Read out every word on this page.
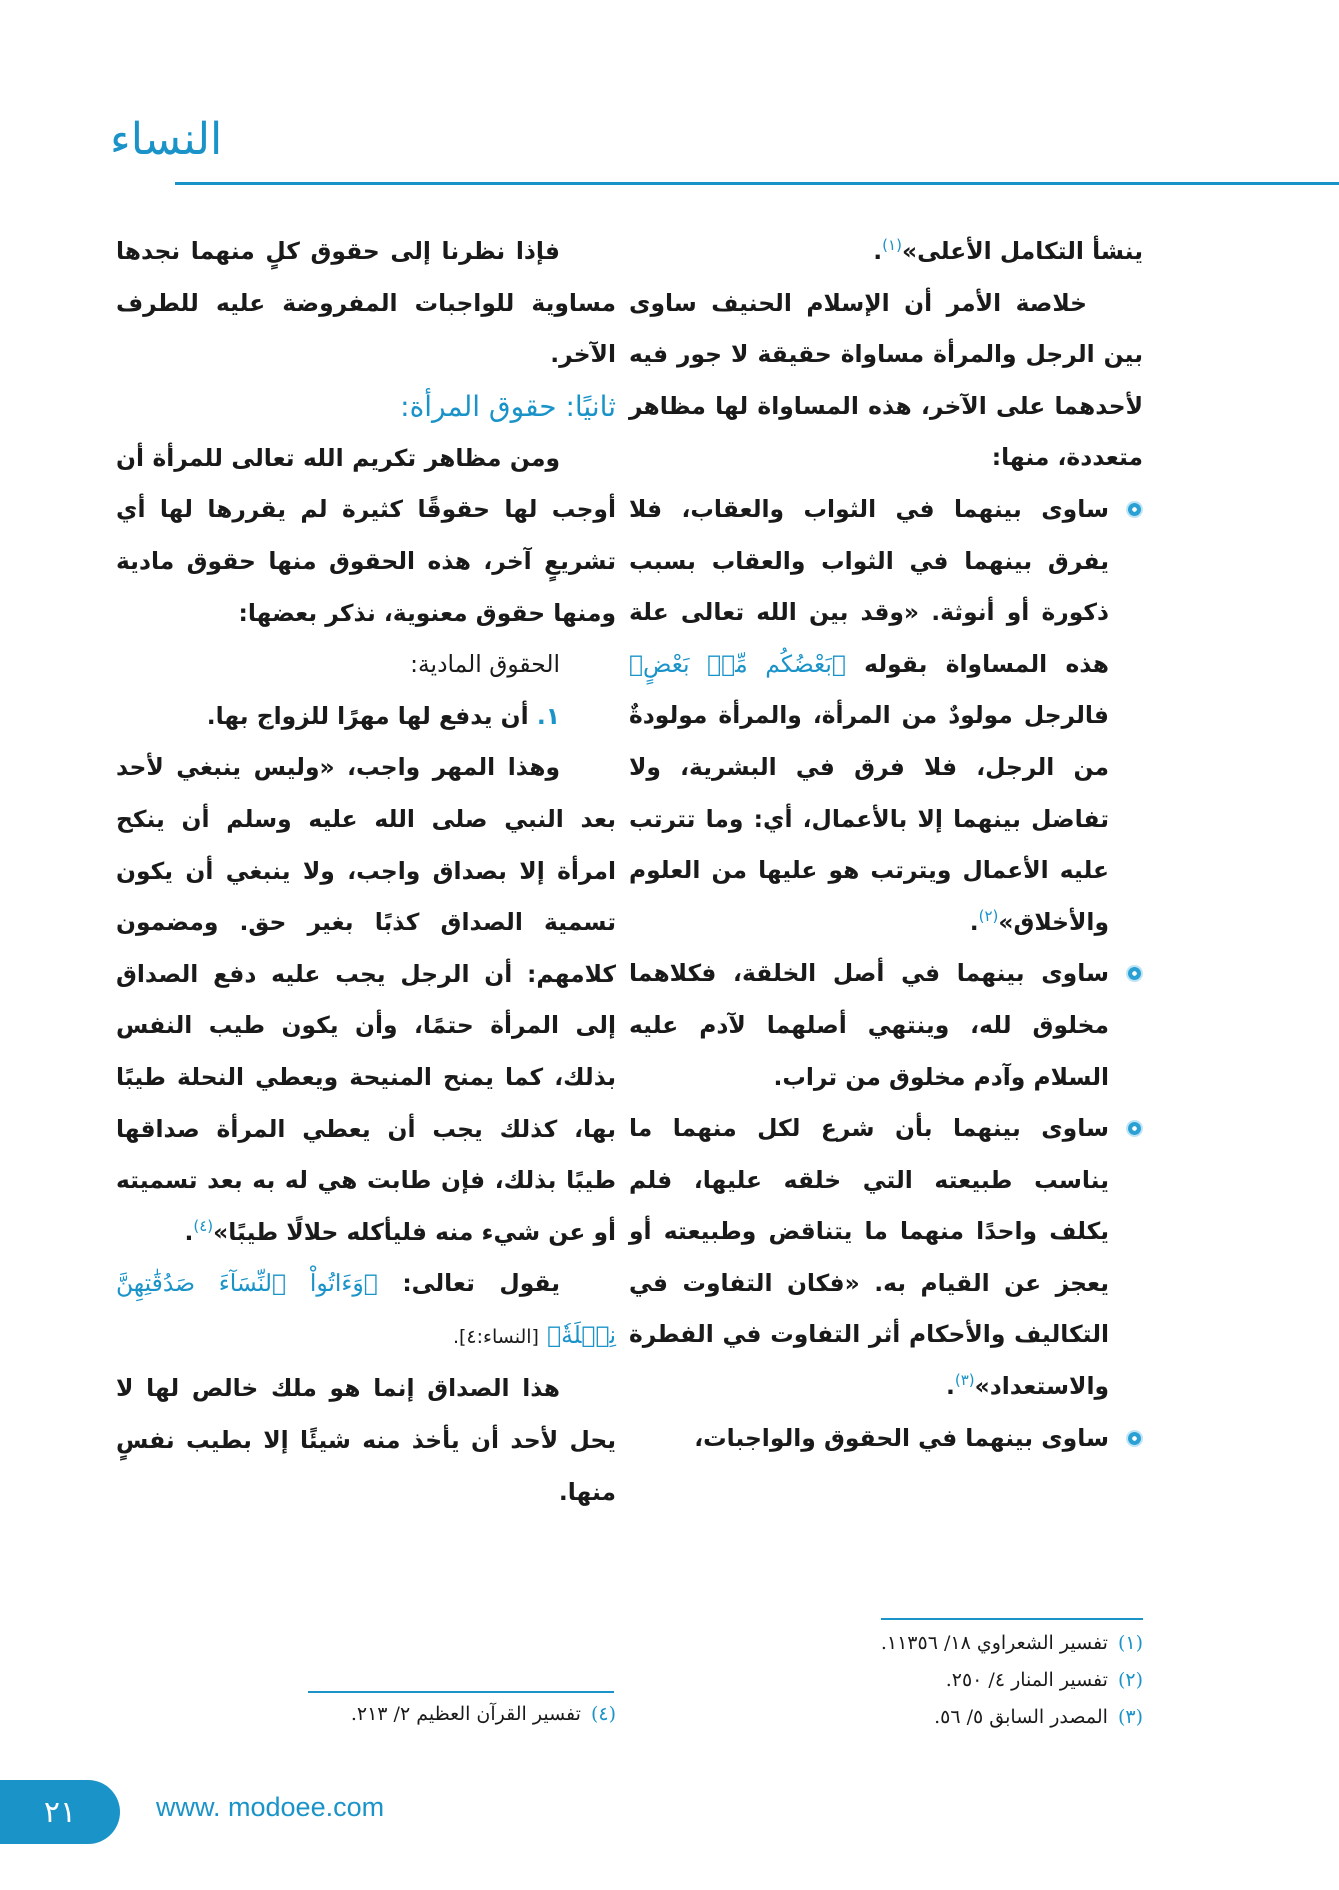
النساء

ينشأ التكامل الأعلى»$^{(١)}$.

خلاصة الأمر أن الإسلام الحنيف ساوى بين الرجل والمرأة مساواة حقيقة لا جور فيه لأحدهما على الآخر، هذه المساواة لها مظاهر متعددة، منها:

ساوى بينهما في الثواب والعقاب، فلا يفرق بينهما في الثواب والعقاب بسبب ذكورة أو أنوثة. «وقد بين الله تعالى علة هذه المساواة بقوله ﴿بَعْضُكُم مِّنۢ بَعْضٍ﴾ فالرجل مولودٌ من المرأة، والمرأة مولودةٌ من الرجل، فلا فرق في البشرية، ولا تفاضل بينهما إلا بالأعمال، أي: وما تترتب عليه الأعمال ويترتب هو عليها من العلوم والأخلاق»$^{(٢)}$.

ساوى بينهما في أصل الخلقة، فكلاهما مخلوق لله، وينتهي أصلهما لآدم عليه السلام وآدم مخلوق من تراب.

ساوى بينهما بأن شرع لكل منهما ما يناسب طبيعته التي خلقه عليها، فلم يكلف واحدًا منهما ما يتناقض وطبيعته أو يعجز عن القيام به. «فكان التفاوت في التكاليف والأحكام أثر التفاوت في الفطرة والاستعداد»$^{(٣)}$.

ساوى بينهما في الحقوق والواجبات،

فإذا نظرنا إلى حقوق كلٍ منهما نجدها مساوية للواجبات المفروضة عليه للطرف الآخر.

ثانيًا: حقوق المرأة:

ومن مظاهر تكريم الله تعالى للمرأة أن أوجب لها حقوقًا كثيرة لم يقررها لها أي تشريعٍ آخر، هذه الحقوق منها حقوق مادية ومنها حقوق معنوية، نذكر بعضها:

الحقوق المادية:

١. أن يدفع لها مهرًا للزواج بها.

وهذا المهر واجب، «وليس ينبغي لأحد بعد النبي صلى الله عليه وسلم أن ينكح امرأة إلا بصداق واجب، ولا ينبغي أن يكون تسمية الصداق كذبًا بغير حق. ومضمون كلامهم: أن الرجل يجب عليه دفع الصداق إلى المرأة حتمًا، وأن يكون طيب النفس بذلك، كما يمنح المنيحة ويعطي النحلة طيبًا بها، كذلك يجب أن يعطي المرأة صداقها طيبًا بذلك، فإن طابت هي له به بعد تسميته أو عن شيء منه فليأكله حلالًا طيبًا»$^{(٤)}$.

يقول تعالى: ﴿وَءَاتُواْ ٱلنِّسَآءَ صَدُقَٰتِهِنَّ نِحۡلَةٗ﴾ [النساء:٤].

هذا الصداق إنما هو ملك خالص لها لا يحل لأحد أن يأخذ منه شيئًا إلا بطيب نفسٍ منها.

(١)تفسير الشعراوي ١٨/ ١١٣٥٦.
(٢)تفسير المنار ٤/ ٢٥٠.
(٣)المصدر السابق ٥/ ٥٦.
(٤)تفسير القرآن العظيم ٢/ ٢١٣.
٢١	www. modoee.com
